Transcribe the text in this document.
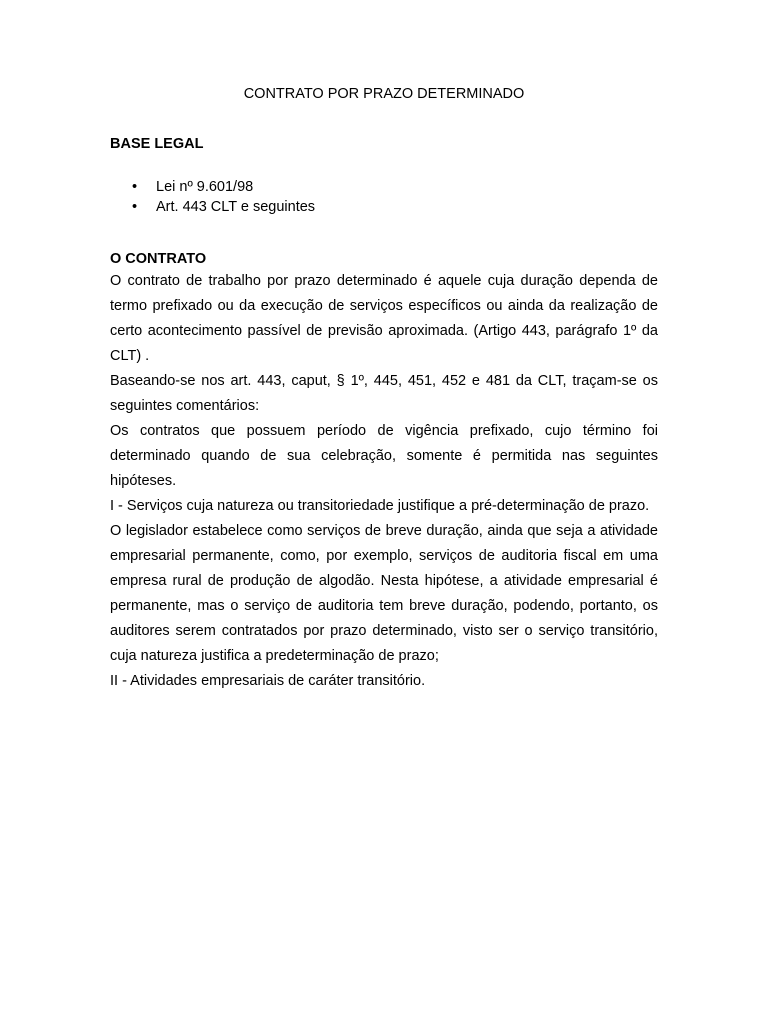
CONTRATO POR PRAZO DETERMINADO
BASE LEGAL
• Lei nº 9.601/98
• Art. 443 CLT e seguintes
O CONTRATO

O contrato de trabalho por prazo determinado é aquele cuja duração dependa de termo prefixado ou da execução de serviços específicos ou ainda da realização de certo acontecimento passível de previsão aproximada. (Artigo 443, parágrafo 1º da CLT) .

Baseando-se nos art. 443, caput, § 1º, 445, 451, 452 e 481 da CLT, traçam-se os seguintes comentários:

Os contratos que possuem período de vigência prefixado, cujo término foi determinado quando de sua celebração, somente é permitida nas seguintes hipóteses.

I - Serviços cuja natureza ou transitoriedade justifique a pré-determinação de prazo.

O legislador estabelece como serviços de breve duração, ainda que seja a atividade empresarial permanente, como, por exemplo, serviços de auditoria fiscal em uma empresa rural de produção de algodão. Nesta hipótese, a atividade empresarial é permanente, mas o serviço de auditoria tem breve duração, podendo, portanto, os auditores serem contratados por prazo determinado, visto ser o serviço transitório, cuja natureza justifica a predeterminação de prazo;

II - Atividades empresariais de caráter transitório.
